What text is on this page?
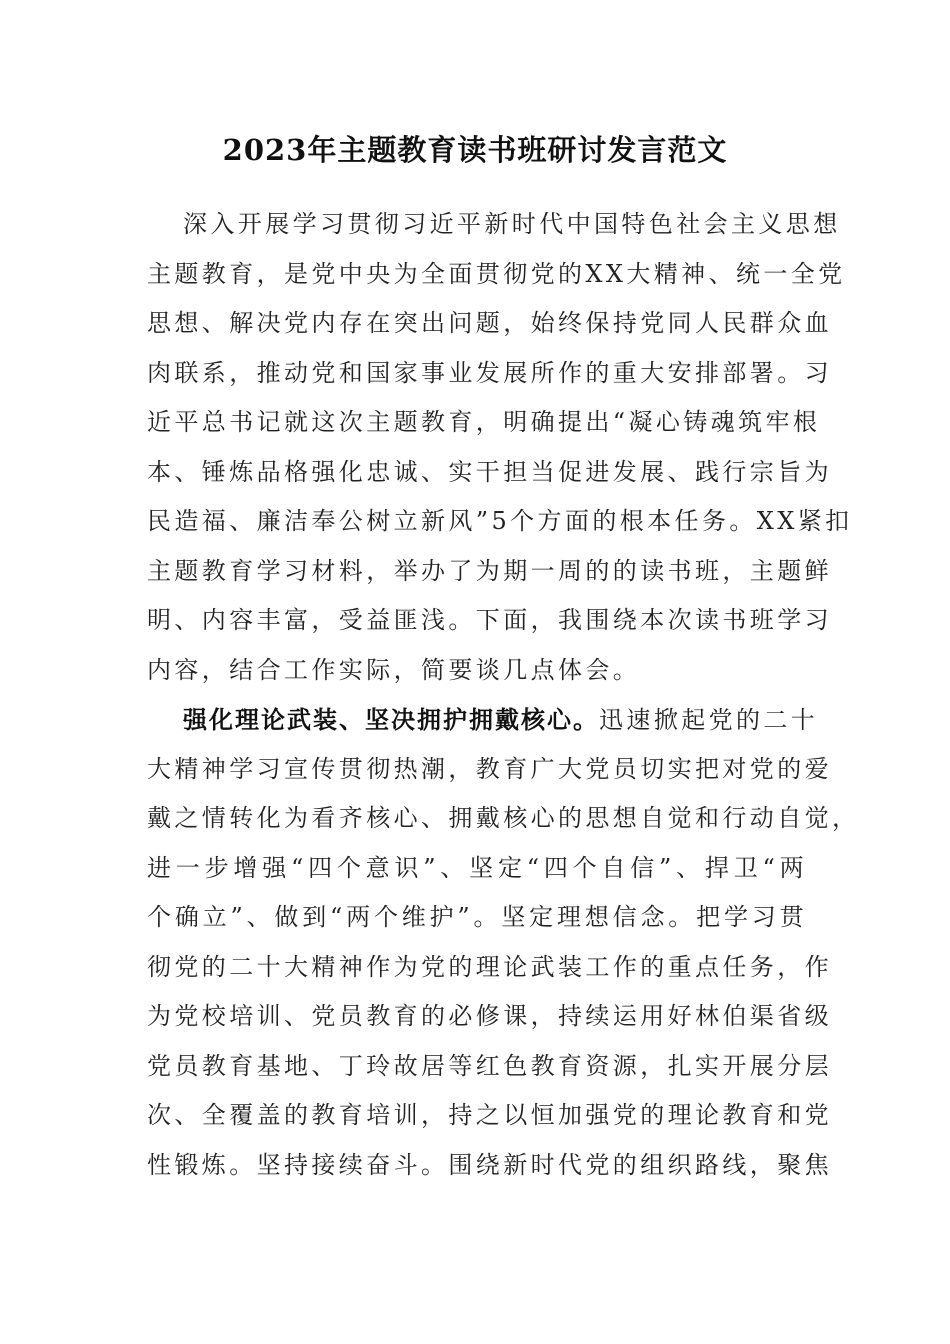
2023年主题教育读书班研讨发言范文
深入开展学习贯彻习近平新时代中国特色社会主义思想
主题教育，是党中央为全面贯彻党的XX大精神、统一全党
思想、解决党内存在突出问题，始终保持党同人民群众血
肉联系，推动党和国家事业发展所作的重大安排部署。习
近平总书记就这次主题教育，明确提出“凝心铸魂筑牢根
本、锤炼品格强化忠诚、实干担当促进发展、践行宗旨为
民造福、廉洁奉公树立新风”5个方面的根本任务。XX紧扣
主题教育学习材料，举办了为期一周的的读书班，主题鲜
明、内容丰富，受益匪浅。下面，我围绕本次读书班学习
内容，结合工作实际，简要谈几点体会。
强化理论武装、坚决拥护拥戴核心。迅速掀起党的二十
大精神学习宣传贯彻热潮，教育广大党员切实把对党的爱
戴之情转化为看齐核心、拥戴核心的思想自觉和行动自觉，
进一步增强“四个意识”、坚定“四个自信”、捍卫“两
个确立”、做到“两个维护”。坚定理想信念。把学习贯
彻党的二十大精神作为党的理论武装工作的重点任务，作
为党校培训、党员教育的必修课，持续运用好林伯渠省级
党员教育基地、丁玲故居等红色教育资源，扎实开展分层
次、全覆盖的教育培训，持之以恒加强党的理论教育和党
性锻炼。坚持接续奋斗。围绕新时代党的组织路线，聚焦
